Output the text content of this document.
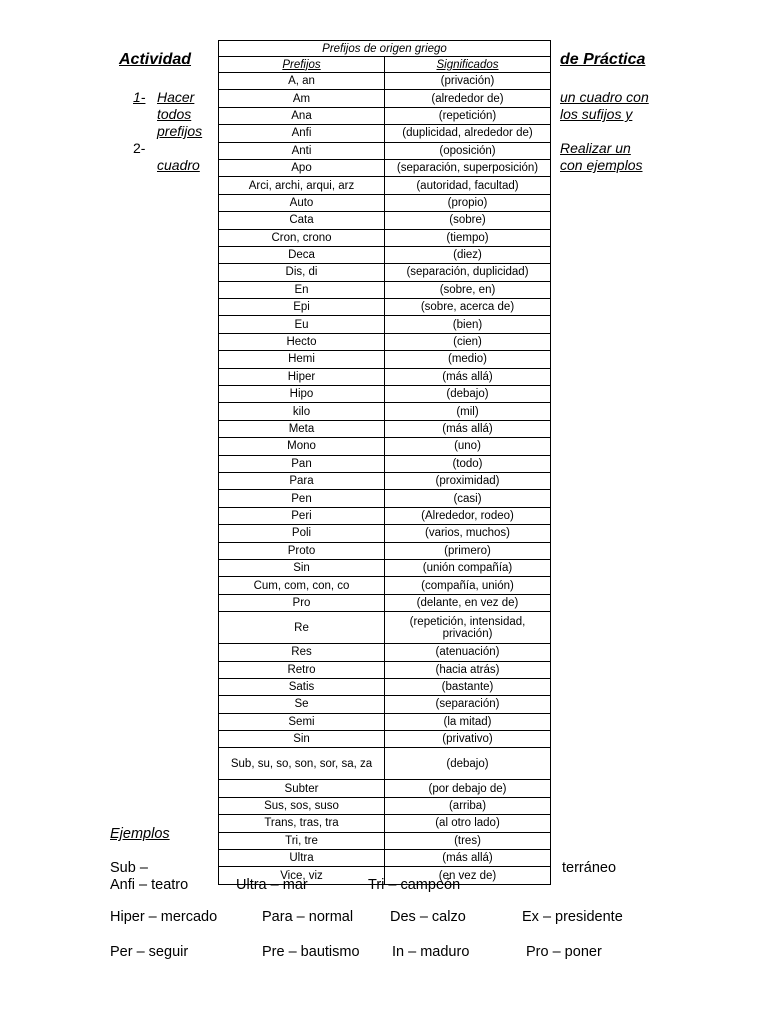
Actividad	de Práctica
1- Hacer
todos
prefijos
2-
cuadro
un cuadro con
los sufijos y
Realizar un
con ejemplos
Prefijos de origen griego	
Prefijos	Significados
A, an	(privación)
Am	(alrededor de)
Ana	(repetición)
Anfi	(duplicidad, alrededor de)
Anti	(oposición)
Apo	(separación, superposición)
Arci, archi, arqui, arz	(autoridad, facultad)
Auto	(propio)
Cata	(sobre)
Cron, crono	(tiempo)
Deca	(diez)
Dis, di	(separación, duplicidad)
En	(sobre, en)
Epi	(sobre, acerca de)
Eu	(bien)
Hecto	(cien)
Hemi	(medio)
Hiper	(más allá)
Hipo	(debajo)
kilo	(mil)
Meta	(más allá)
Mono	(uno)
Pan	(todo)
Para	(proximidad)
Pen	(casi)
Peri	(Alrededor, rodeo)
Poli	(varios, muchos)
Proto	(primero)
Sin	(unión compañía)
Cum, com, con, co	(compañía, unión)
Pro	(delante, en vez de)
Re	(repetición, intensidad, privación)
Res	(atenuación)
Retro	(hacia atrás)
Satis	(bastante)
Se	(separación)
Semi	(la mitad)
Sin	(privativo)
Sub, su, so, son, sor, sa, za	(debajo)
Subter	(por debajo de)
Sus, sos, suso	(arriba)
Trans, tras, tra	(al otro lado)
Tri, tre	(tres)
Ultra	(más allá)
Vice, viz	(en vez de)
Ejemplos
Sub –	terráneo
Anfi – teatro	Ultra – mar	Tri – campeón
Hiper – mercado	Para – normal	Des – calzo	Ex – presidente
Per – seguir	Pre – bautismo In – maduro	Pro – poner
